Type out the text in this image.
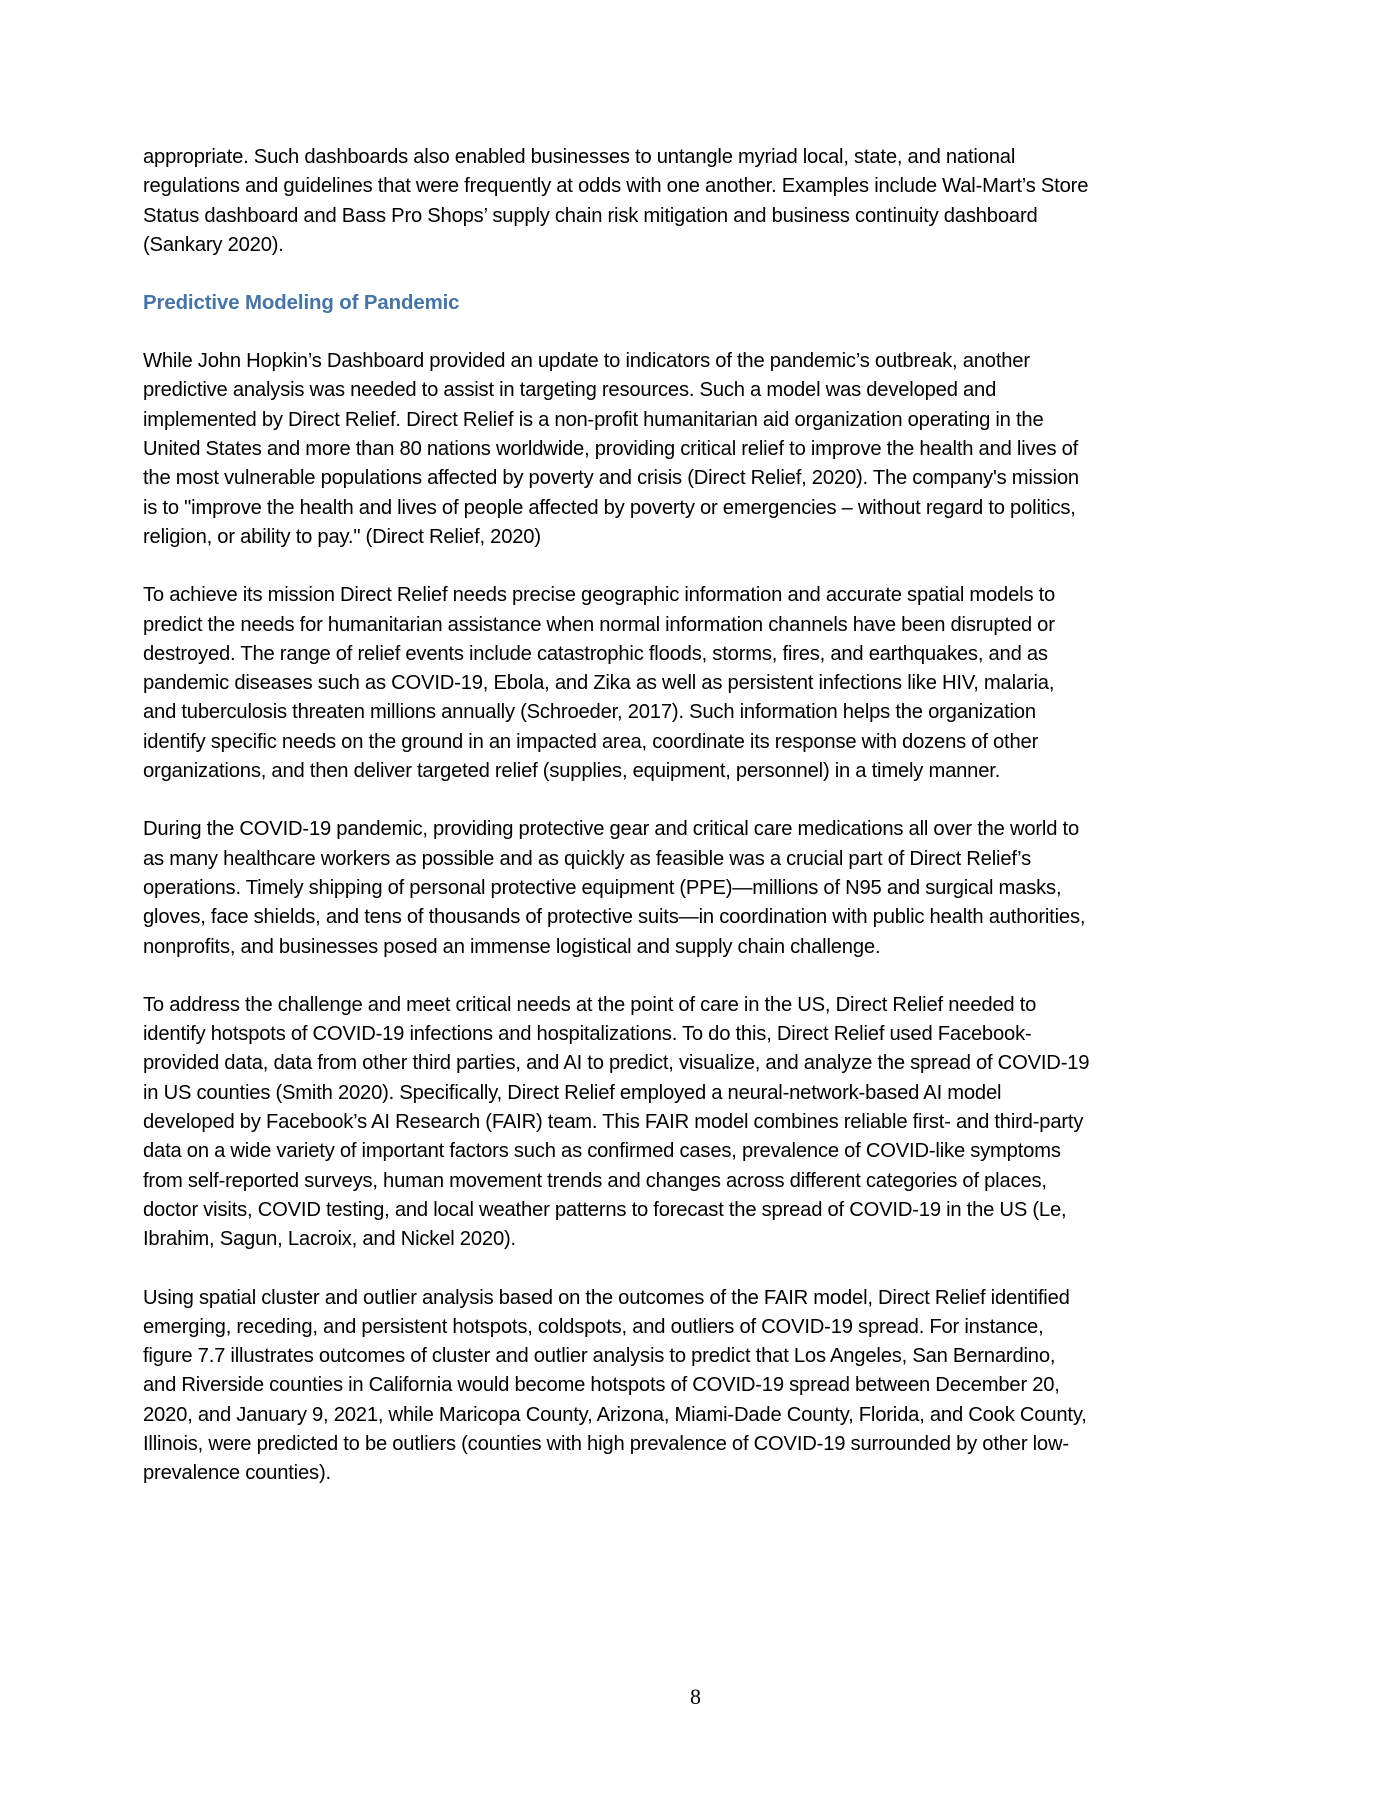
appropriate. Such dashboards also enabled businesses to untangle myriad local, state, and national regulations and guidelines that were frequently at odds with one another. Examples include Wal-Mart’s Store Status dashboard and Bass Pro Shops’ supply chain risk mitigation and business continuity dashboard (Sankary 2020).

Predictive Modeling of Pandemic

While John Hopkin’s Dashboard provided an update to indicators of the pandemic’s outbreak, another predictive analysis was needed to assist in targeting resources. Such a model was developed and implemented by Direct Relief. Direct Relief is a non-profit humanitarian aid organization operating in the United States and more than 80 nations worldwide, providing critical relief to improve the health and lives of the most vulnerable populations affected by poverty and crisis (Direct Relief, 2020). The company's mission is to "improve the health and lives of people affected by poverty or emergencies – without regard to politics, religion, or ability to pay." (Direct Relief, 2020)

To achieve its mission Direct Relief needs precise geographic information and accurate spatial models to predict the needs for humanitarian assistance when normal information channels have been disrupted or destroyed. The range of relief events include catastrophic floods, storms, fires, and earthquakes, and as pandemic diseases such as COVID-19, Ebola, and Zika as well as persistent infections like HIV, malaria, and tuberculosis threaten millions annually (Schroeder, 2017). Such information helps the organization identify specific needs on the ground in an impacted area, coordinate its response with dozens of other organizations, and then deliver targeted relief (supplies, equipment, personnel) in a timely manner.

During the COVID-19 pandemic, providing protective gear and critical care medications all over the world to as many healthcare workers as possible and as quickly as feasible was a crucial part of Direct Relief’s operations. Timely shipping of personal protective equipment (PPE)—millions of N95 and surgical masks, gloves, face shields, and tens of thousands of protective suits—in coordination with public health authorities, nonprofits, and businesses posed an immense logistical and supply chain challenge.

To address the challenge and meet critical needs at the point of care in the US, Direct Relief needed to identify hotspots of COVID-19 infections and hospitalizations. To do this, Direct Relief used Facebook-provided data, data from other third parties, and AI to predict, visualize, and analyze the spread of COVID-19 in US counties (Smith 2020). Specifically, Direct Relief employed a neural-network-based AI model developed by Facebook’s AI Research (FAIR) team. This FAIR model combines reliable first- and third-party data on a wide variety of important factors such as confirmed cases, prevalence of COVID-like symptoms from self-reported surveys, human movement trends and changes across different categories of places, doctor visits, COVID testing, and local weather patterns to forecast the spread of COVID-19 in the US (Le, Ibrahim, Sagun, Lacroix, and Nickel 2020).

Using spatial cluster and outlier analysis based on the outcomes of the FAIR model, Direct Relief identified emerging, receding, and persistent hotspots, coldspots, and outliers of COVID-19 spread. For instance, figure 7.7 illustrates outcomes of cluster and outlier analysis to predict that Los Angeles, San Bernardino, and Riverside counties in California would become hotspots of COVID-19 spread between December 20, 2020, and January 9, 2021, while Maricopa County, Arizona, Miami-Dade County, Florida, and Cook County, Illinois, were predicted to be outliers (counties with high prevalence of COVID-19 surrounded by other low-prevalence counties).

8
